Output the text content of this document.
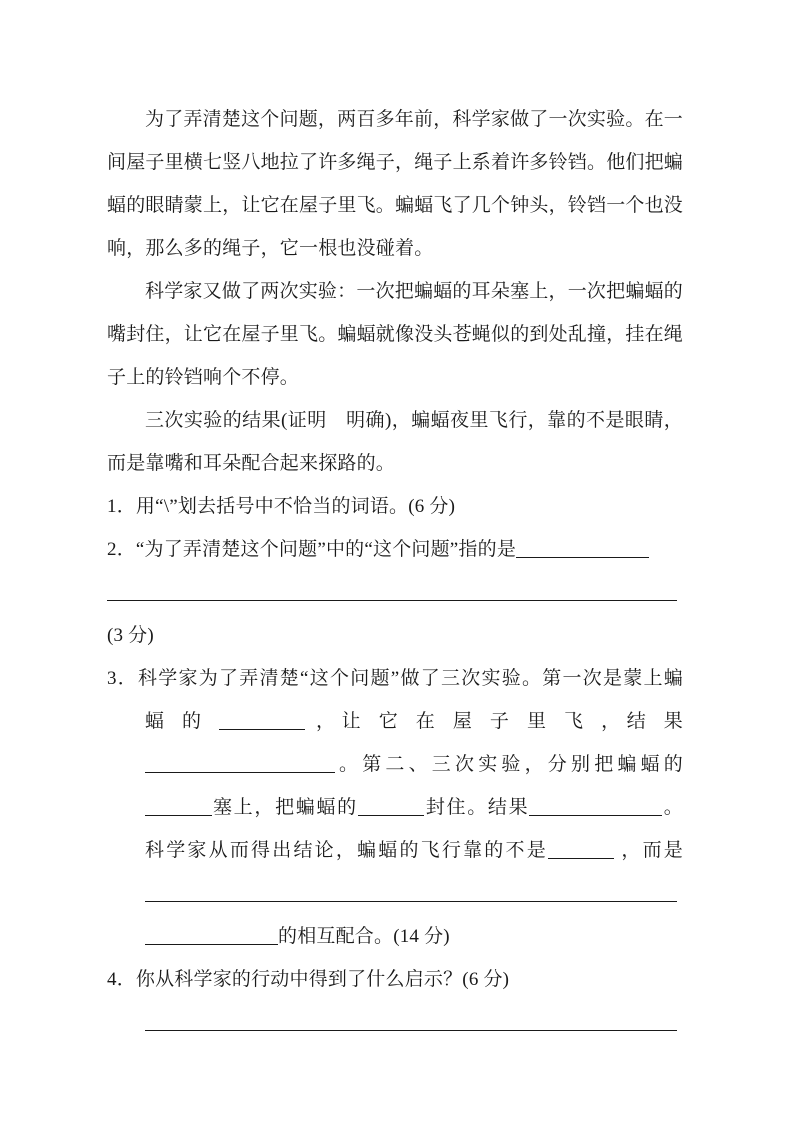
为了弄清楚这个问题，两百多年前，科学家做了一次实验。在一
间屋子里横七竖八地拉了许多绳子，绳子上系着许多铃铛。他们把蝙
蝠的眼睛蒙上，让它在屋子里飞。蝙蝠飞了几个钟头，铃铛一个也没
响，那么多的绳子，它一根也没碰着。
科学家又做了两次实验：一次把蝙蝠的耳朵塞上，一次把蝙蝠的
嘴封住，让它在屋子里飞。蝙蝠就像没头苍蝇似的到处乱撞，挂在绳
子上的铃铛响个不停。
三次实验的结果(证明　明确)，蝙蝠夜里飞行，靠的不是眼睛，
而是靠嘴和耳朵配合起来探路的。
1．用“\”划去括号中不恰当的词语。(6 分)
2．“为了弄清楚这个问题”中的“这个问题”指的是
(3 分)
3．科学家为了弄清楚“这个问题”做了三次实验。第一次是蒙上蝙
蝠 的	，让 它 在 屋 子 里 飞 ，结 果
。第二、三次实验，分别把蝙蝠的
塞上，把蝙蝠的	封住。结果	。
科学家从而得出结论，蝙蝠的飞行靠的不是	，而是
的相互配合。(14 分)
4．你从科学家的行动中得到了什么启示？(6 分)
